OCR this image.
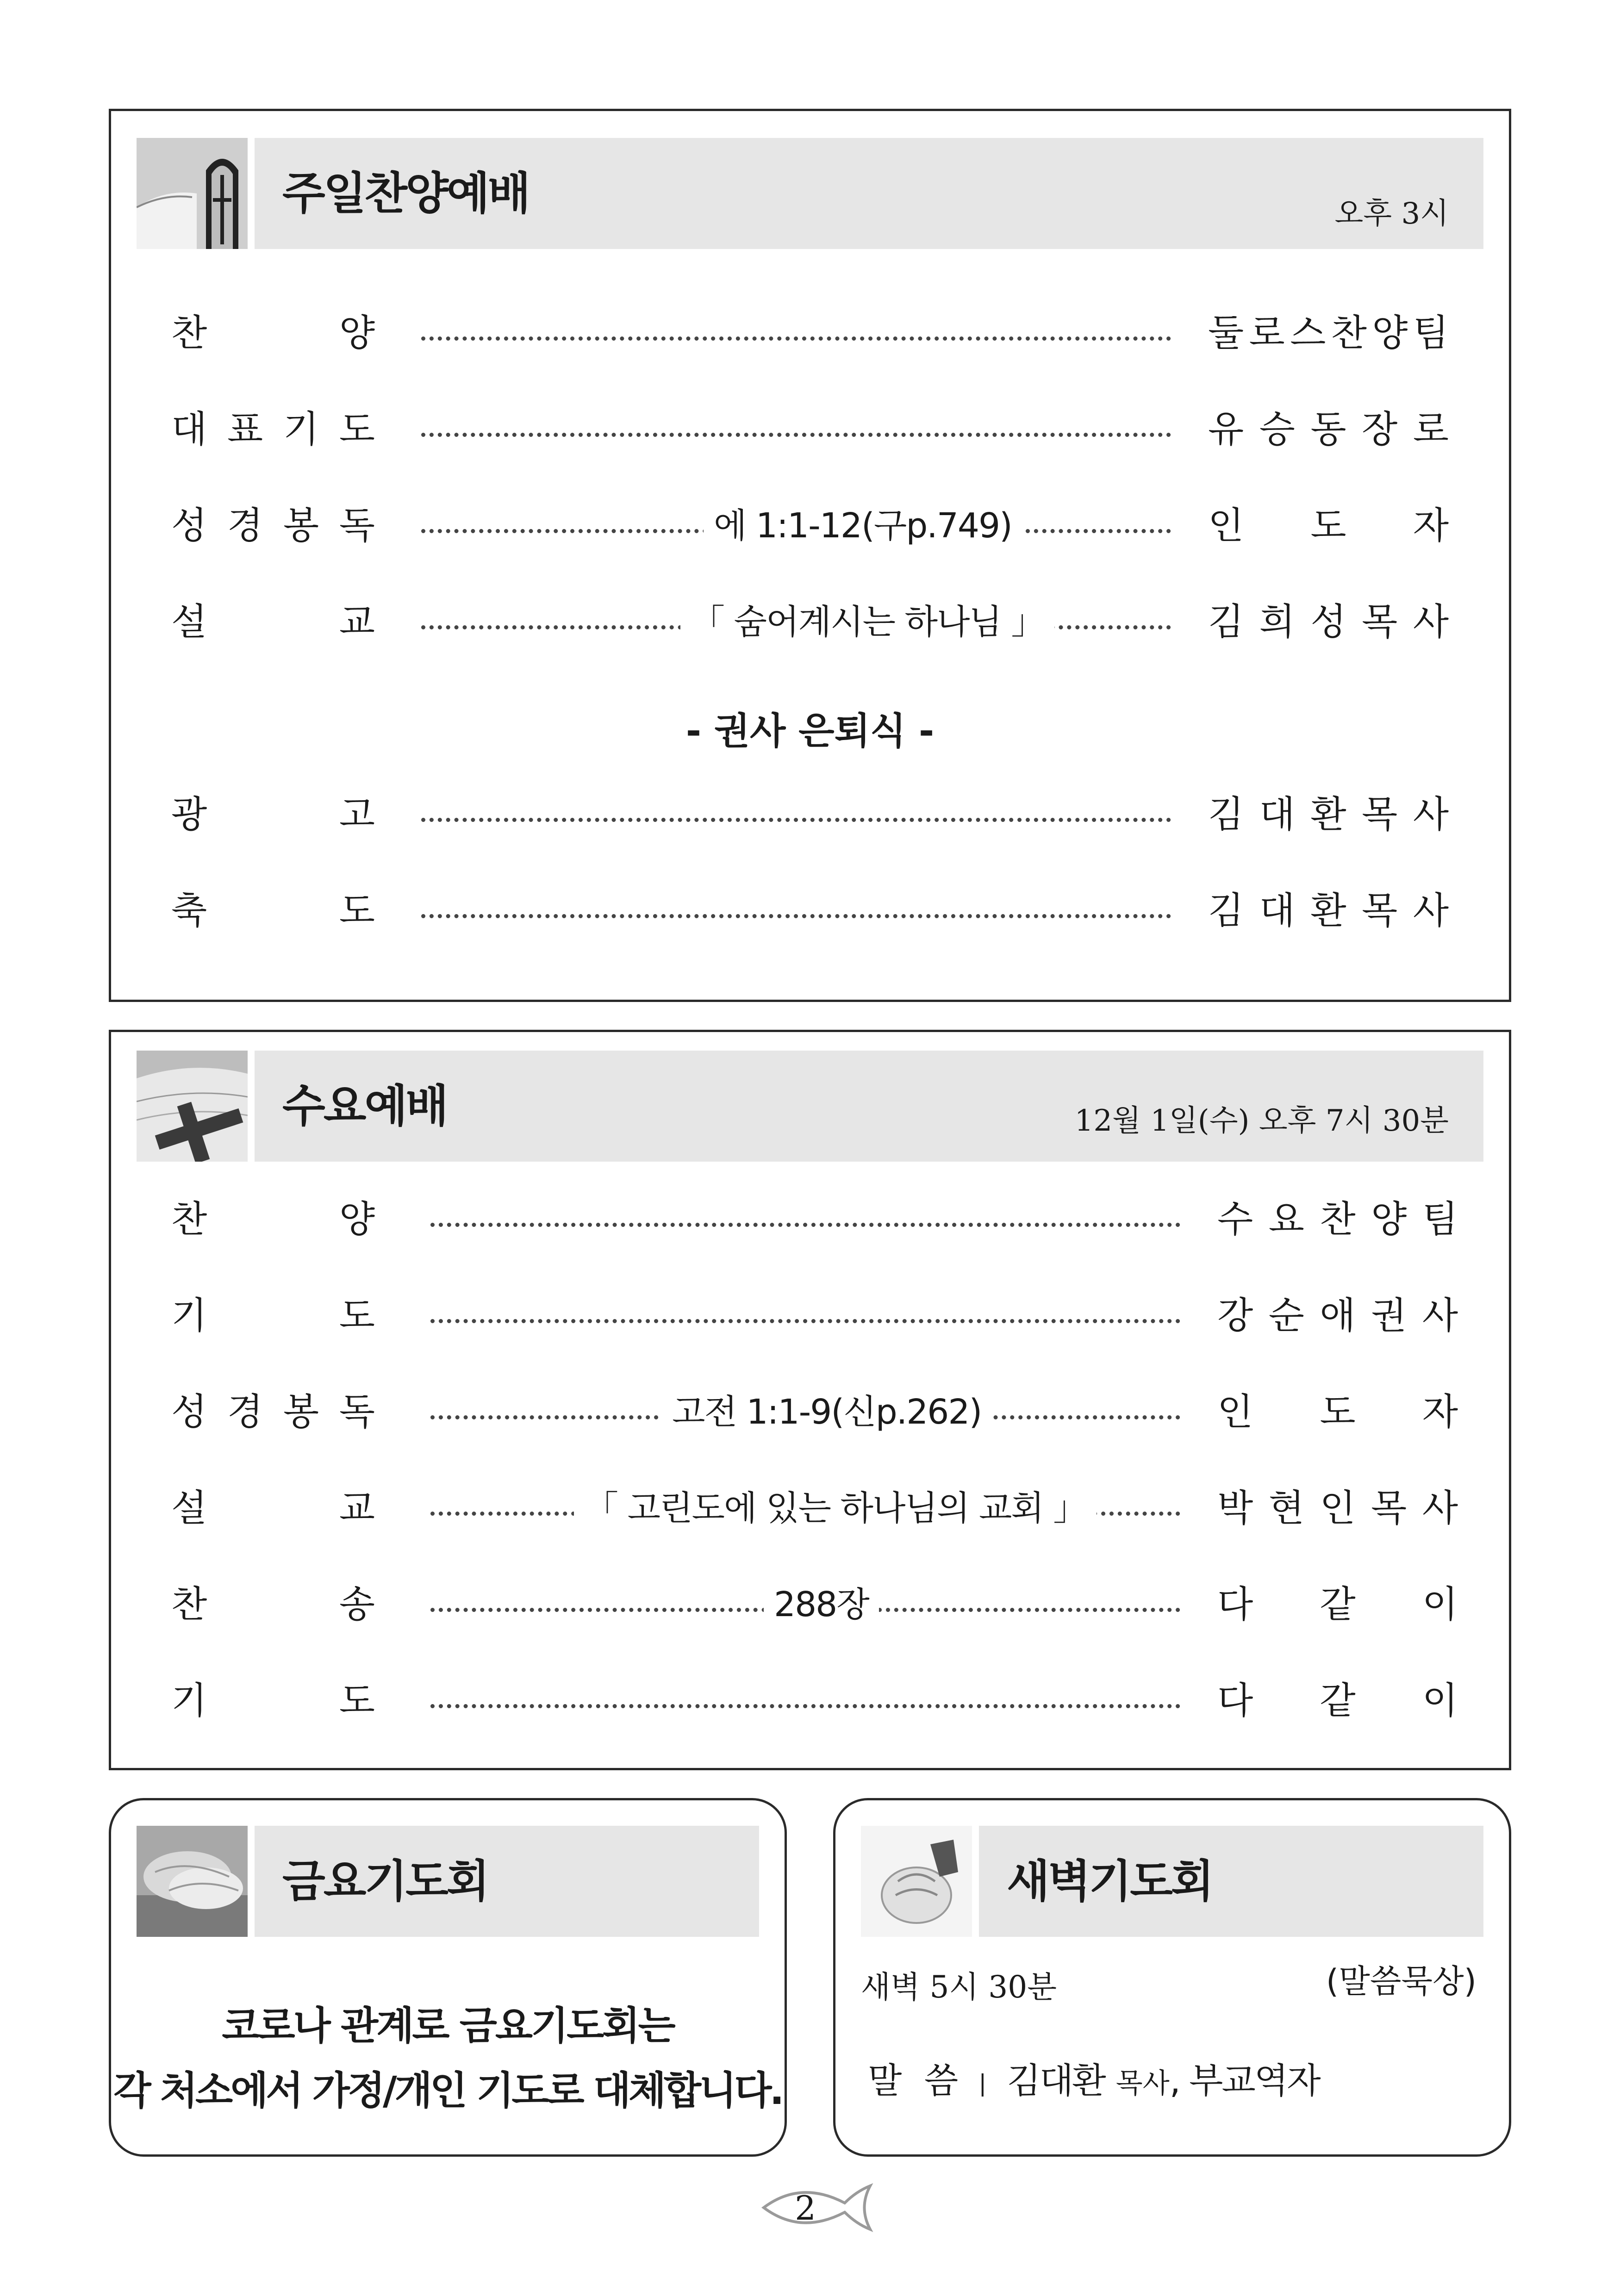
주일찬양예배	오후 3시
찬	양	둘 로 스 찬 양 팀
대 표 기 도	유 승 동 장 로
성 경 봉 독	에 1:1-12(구p.749)	인 도 자
설	교	「 숨어계시는 하나님 」	김 희 성 목 사
- 권사 은퇴식 -
광	고	김 대 환 목 사
축	도	김 대 환 목 사
수요예배	12월 1일(수) 오후 7시 30분
찬	양	수 요 찬 양 팀
기	도	강 순 애 권 사
성 경 봉 독	고전 1:1-9(신p.262)	인 도 자
설	교	「 고린도에 있는 하나님의 교회 」	박 현 인 목 사
찬	송	288장	다 같 이
기	도	다 같 이
금요기도회
코로나 관계로 금요기도회는
각 처소에서 가정/개인 기도로 대체합니다.
새벽기도회
새벽 5시 30분	(말씀묵상)
말  씀 | 김대환 목사, 부교역자
2
